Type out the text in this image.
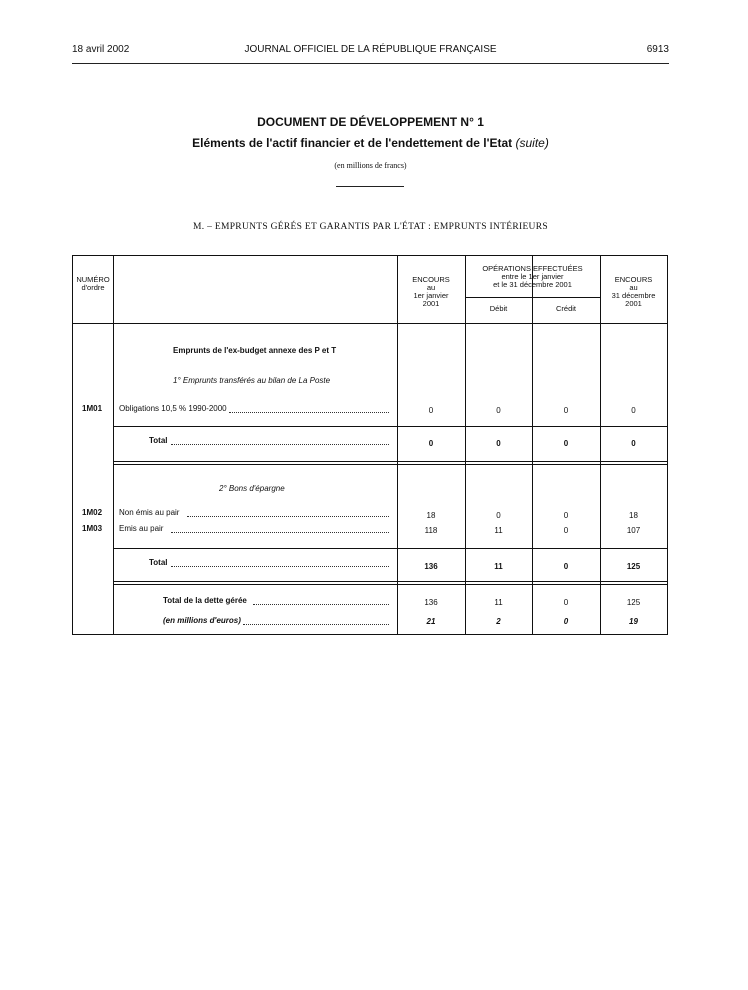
18 avril 2002	JOURNAL OFFICIEL DE LA RÉPUBLIQUE FRANÇAISE	6913
DOCUMENT DE DÉVELOPPEMENT N° 1
Eléments de l'actif financier et de l'endettement de l'Etat (suite)
(en millions de francs)
M. – EMPRUNTS GÉRÉS ET GARANTIS PAR L'ÉTAT : EMPRUNTS INTÉRIEURS
NUMÉRO
d'ordre
ENCOURS
au
1er janvier
2001
OPÉRATIONS EFFECTUÉES
entre le 1er janvier
et le 31 décembre 2001
Débit	Crédit
ENCOURS
au
31 décembre
2001
Emprunts de l'ex-budget annexe des P et T
1° Emprunts transférés au bilan de La Poste
1M01 Obligations 10,5 % 1990-2000	0	0	0	0
Total	0	0	0	0
2° Bons d'épargne
1M02 Non émis au pair	18	0	0	18
1M03 Emis au pair	118	11	0	107
Total	136	11	0	125
Total de la dette gérée	136	11	0	125
(en millions d'euros)	21	2	0	19
